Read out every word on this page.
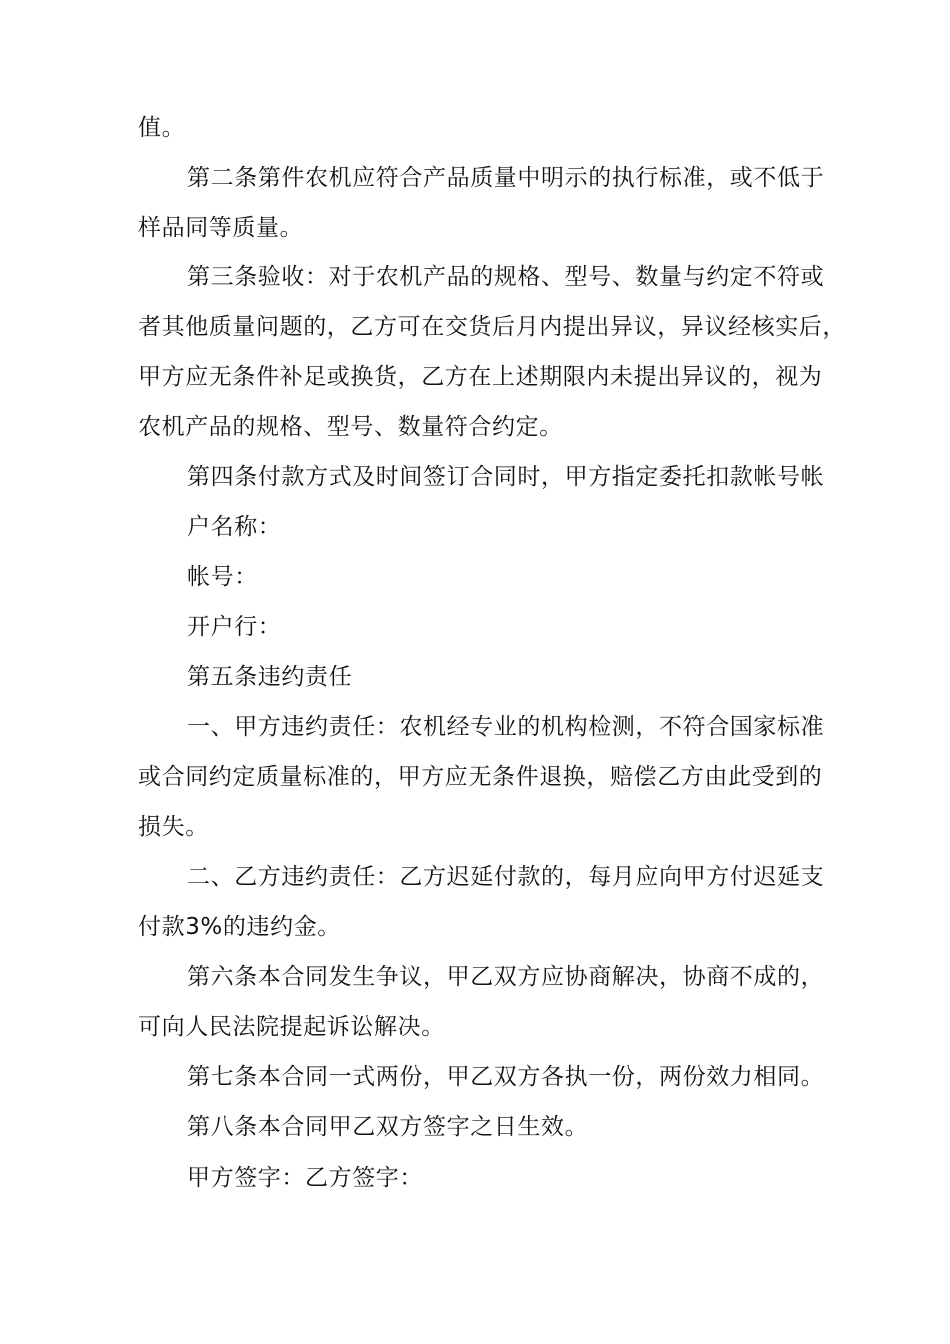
值。
第二条第件农机应符合产品质量中明示的执行标准，或不低于
样品同等质量。
第三条验收：对于农机产品的规格、型号、数量与约定不符或
者其他质量问题的，乙方可在交货后月内提出异议，异议经核实后，
甲方应无条件补足或换货，乙方在上述期限内未提出异议的，视为
农机产品的规格、型号、数量符合约定。
第四条付款方式及时间签订合同时，甲方指定委托扣款帐号帐
户名称：
帐号：
开户行：
第五条违约责任
一、甲方违约责任：农机经专业的机构检测，不符合国家标准
或合同约定质量标准的，甲方应无条件退换，赔偿乙方由此受到的
损失。
二、乙方违约责任：乙方迟延付款的，每月应向甲方付迟延支
付款3%的违约金。
第六条本合同发生争议，甲乙双方应协商解决，协商不成的，
可向人民法院提起诉讼解决。
第七条本合同一式两份，甲乙双方各执一份，两份效力相同。
第八条本合同甲乙双方签字之日生效。
甲方签字：乙方签字：
